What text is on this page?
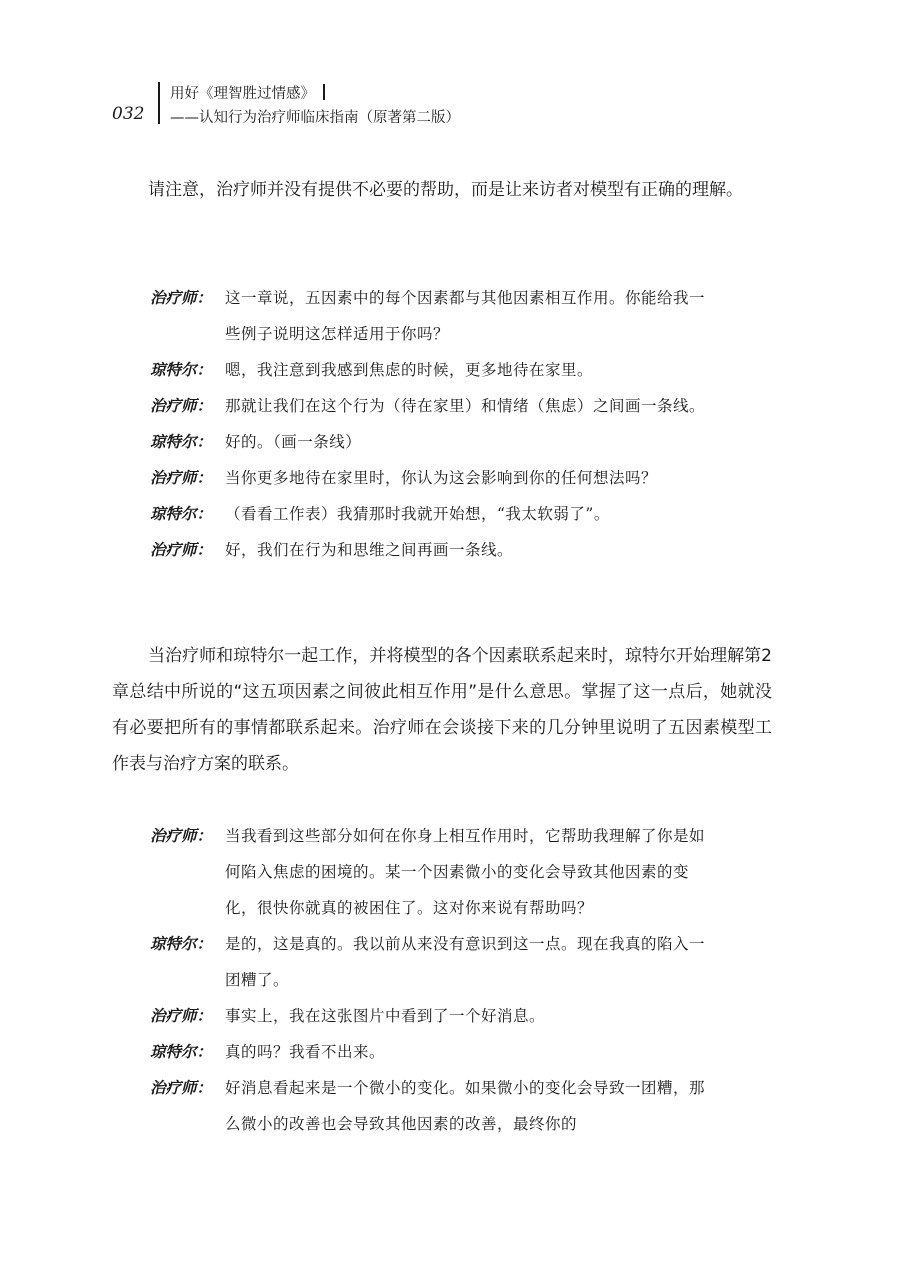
032
用好《理智胜过情感》
——认知行为治疗师临床指南（原著第二版）

请注意，治疗师并没有提供不必要的帮助，而是让来访者对模型有正确的理解。

治疗师： 这一章说，五因素中的每个因素都与其他因素相互作用。你能给我一些例子说明这怎样适用于你吗？
琼特尔： 嗯，我注意到我感到焦虑的时候，更多地待在家里。
治疗师： 那就让我们在这个行为（待在家里）和情绪（焦虑）之间画一条线。
琼特尔： 好的。（画一条线）
治疗师： 当你更多地待在家里时，你认为这会影响到你的任何想法吗？
琼特尔： （看看工作表）我猜那时我就开始想，“我太软弱了”。
治疗师： 好，我们在行为和思维之间再画一条线。

当治疗师和琼特尔一起工作，并将模型的各个因素联系起来时，琼特尔开始理解第2章总结中所说的“这五项因素之间彼此相互作用”是什么意思。掌握了这一点后，她就没有必要把所有的事情都联系起来。治疗师在会谈接下来的几分钟里说明了五因素模型工作表与治疗方案的联系。

治疗师： 当我看到这些部分如何在你身上相互作用时，它帮助我理解了你是如何陷入焦虑的困境的。某一个因素微小的变化会导致其他因素的变化，很快你就真的被困住了。这对你来说有帮助吗？
琼特尔： 是的，这是真的。我以前从来没有意识到这一点。现在我真的陷入一团糟了。
治疗师： 事实上，我在这张图片中看到了一个好消息。
琼特尔： 真的吗？我看不出来。
治疗师： 好消息看起来是一个微小的变化。如果微小的变化会导致一团糟，那么微小的改善也会导致其他因素的改善，最终你的
